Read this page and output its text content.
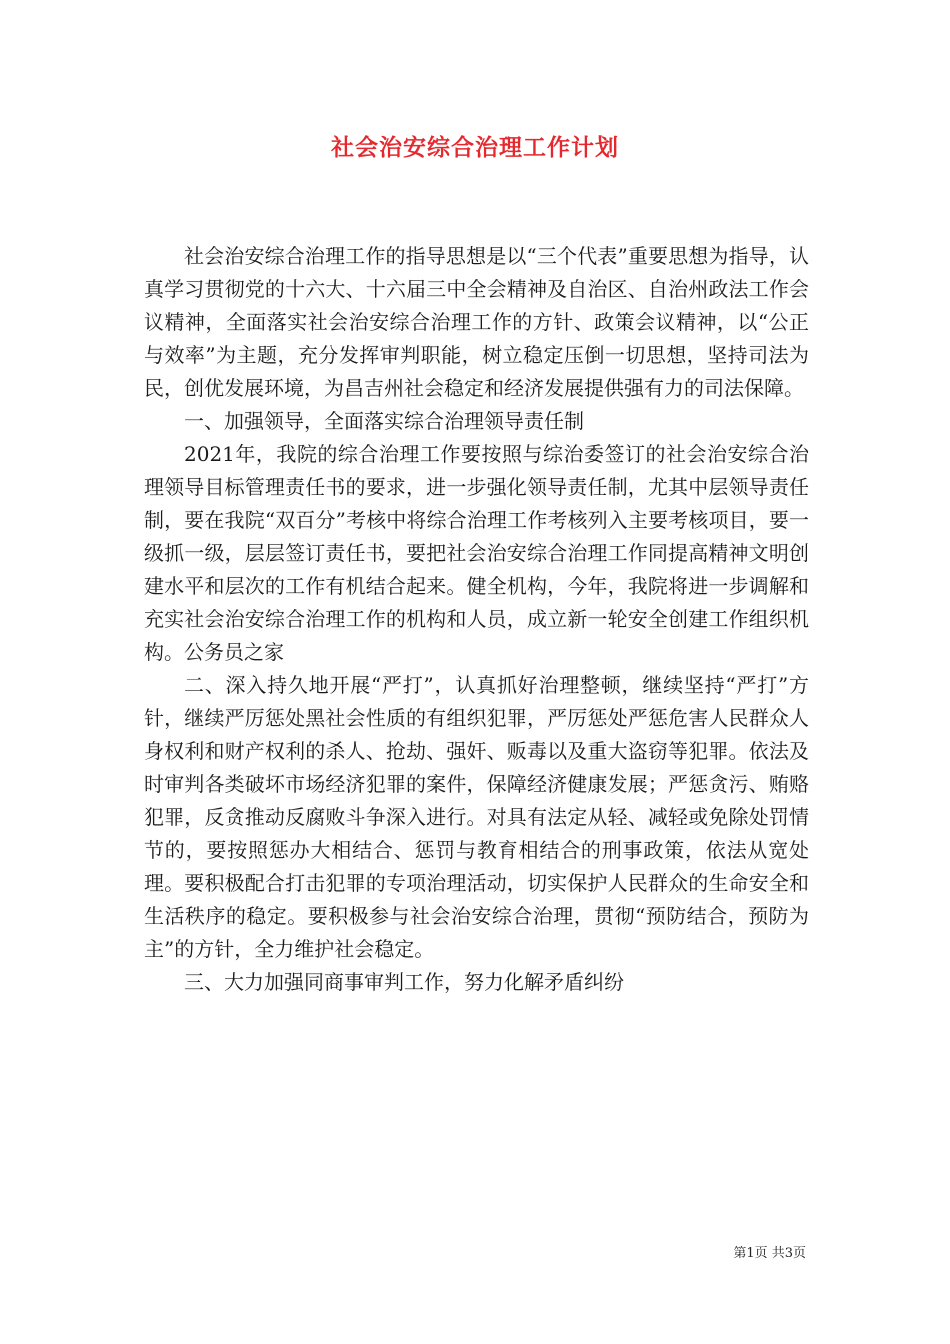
社会治安综合治理工作计划

社会治安综合治理工作的指导思想是以“三个代表”重要思想为指导，认真学习贯彻党的十六大、十六届三中全会精神及自治区、自治州政法工作会议精神，全面落实社会治安综合治理工作的方针、政策会议精神，以“公正与效率”为主题，充分发挥审判职能，树立稳定压倒一切思想，坚持司法为民，创优发展环境，为昌吉州社会稳定和经济发展提供强有力的司法保障。

一、加强领导，全面落实综合治理领导责任制

2021年，我院的综合治理工作要按照与综治委签订的社会治安综合治理领导目标管理责任书的要求，进一步强化领导责任制，尤其中层领导责任制，要在我院“双百分”考核中将综合治理工作考核列入主要考核项目，要一级抓一级，层层签订责任书，要把社会治安综合治理工作同提高精神文明创建水平和层次的工作有机结合起来。健全机构，今年，我院将进一步调解和充实社会治安综合治理工作的机构和人员，成立新一轮安全创建工作组织机构。公务员之家

二、深入持久地开展“严打”，认真抓好治理整顿，继续坚持“严打”方针，继续严厉惩处黑社会性质的有组织犯罪，严厉惩处严惩危害人民群众人身权利和财产权利的杀人、抢劫、强奸、贩毒以及重大盗窃等犯罪。依法及时审判各类破坏市场经济犯罪的案件，保障经济健康发展；严惩贪污、贿赂犯罪，反贪推动反腐败斗争深入进行。对具有法定从轻、减轻或免除处罚情节的，要按照惩办大相结合、惩罚与教育相结合的刑事政策，依法从宽处理。要积极配合打击犯罪的专项治理活动，切实保护人民群众的生命安全和生活秩序的稳定。要积极参与社会治安综合治理，贯彻“预防结合，预防为主”的方针，全力维护社会稳定。

三、大力加强同商事审判工作，努力化解矛盾纠纷

第1页 共3页
